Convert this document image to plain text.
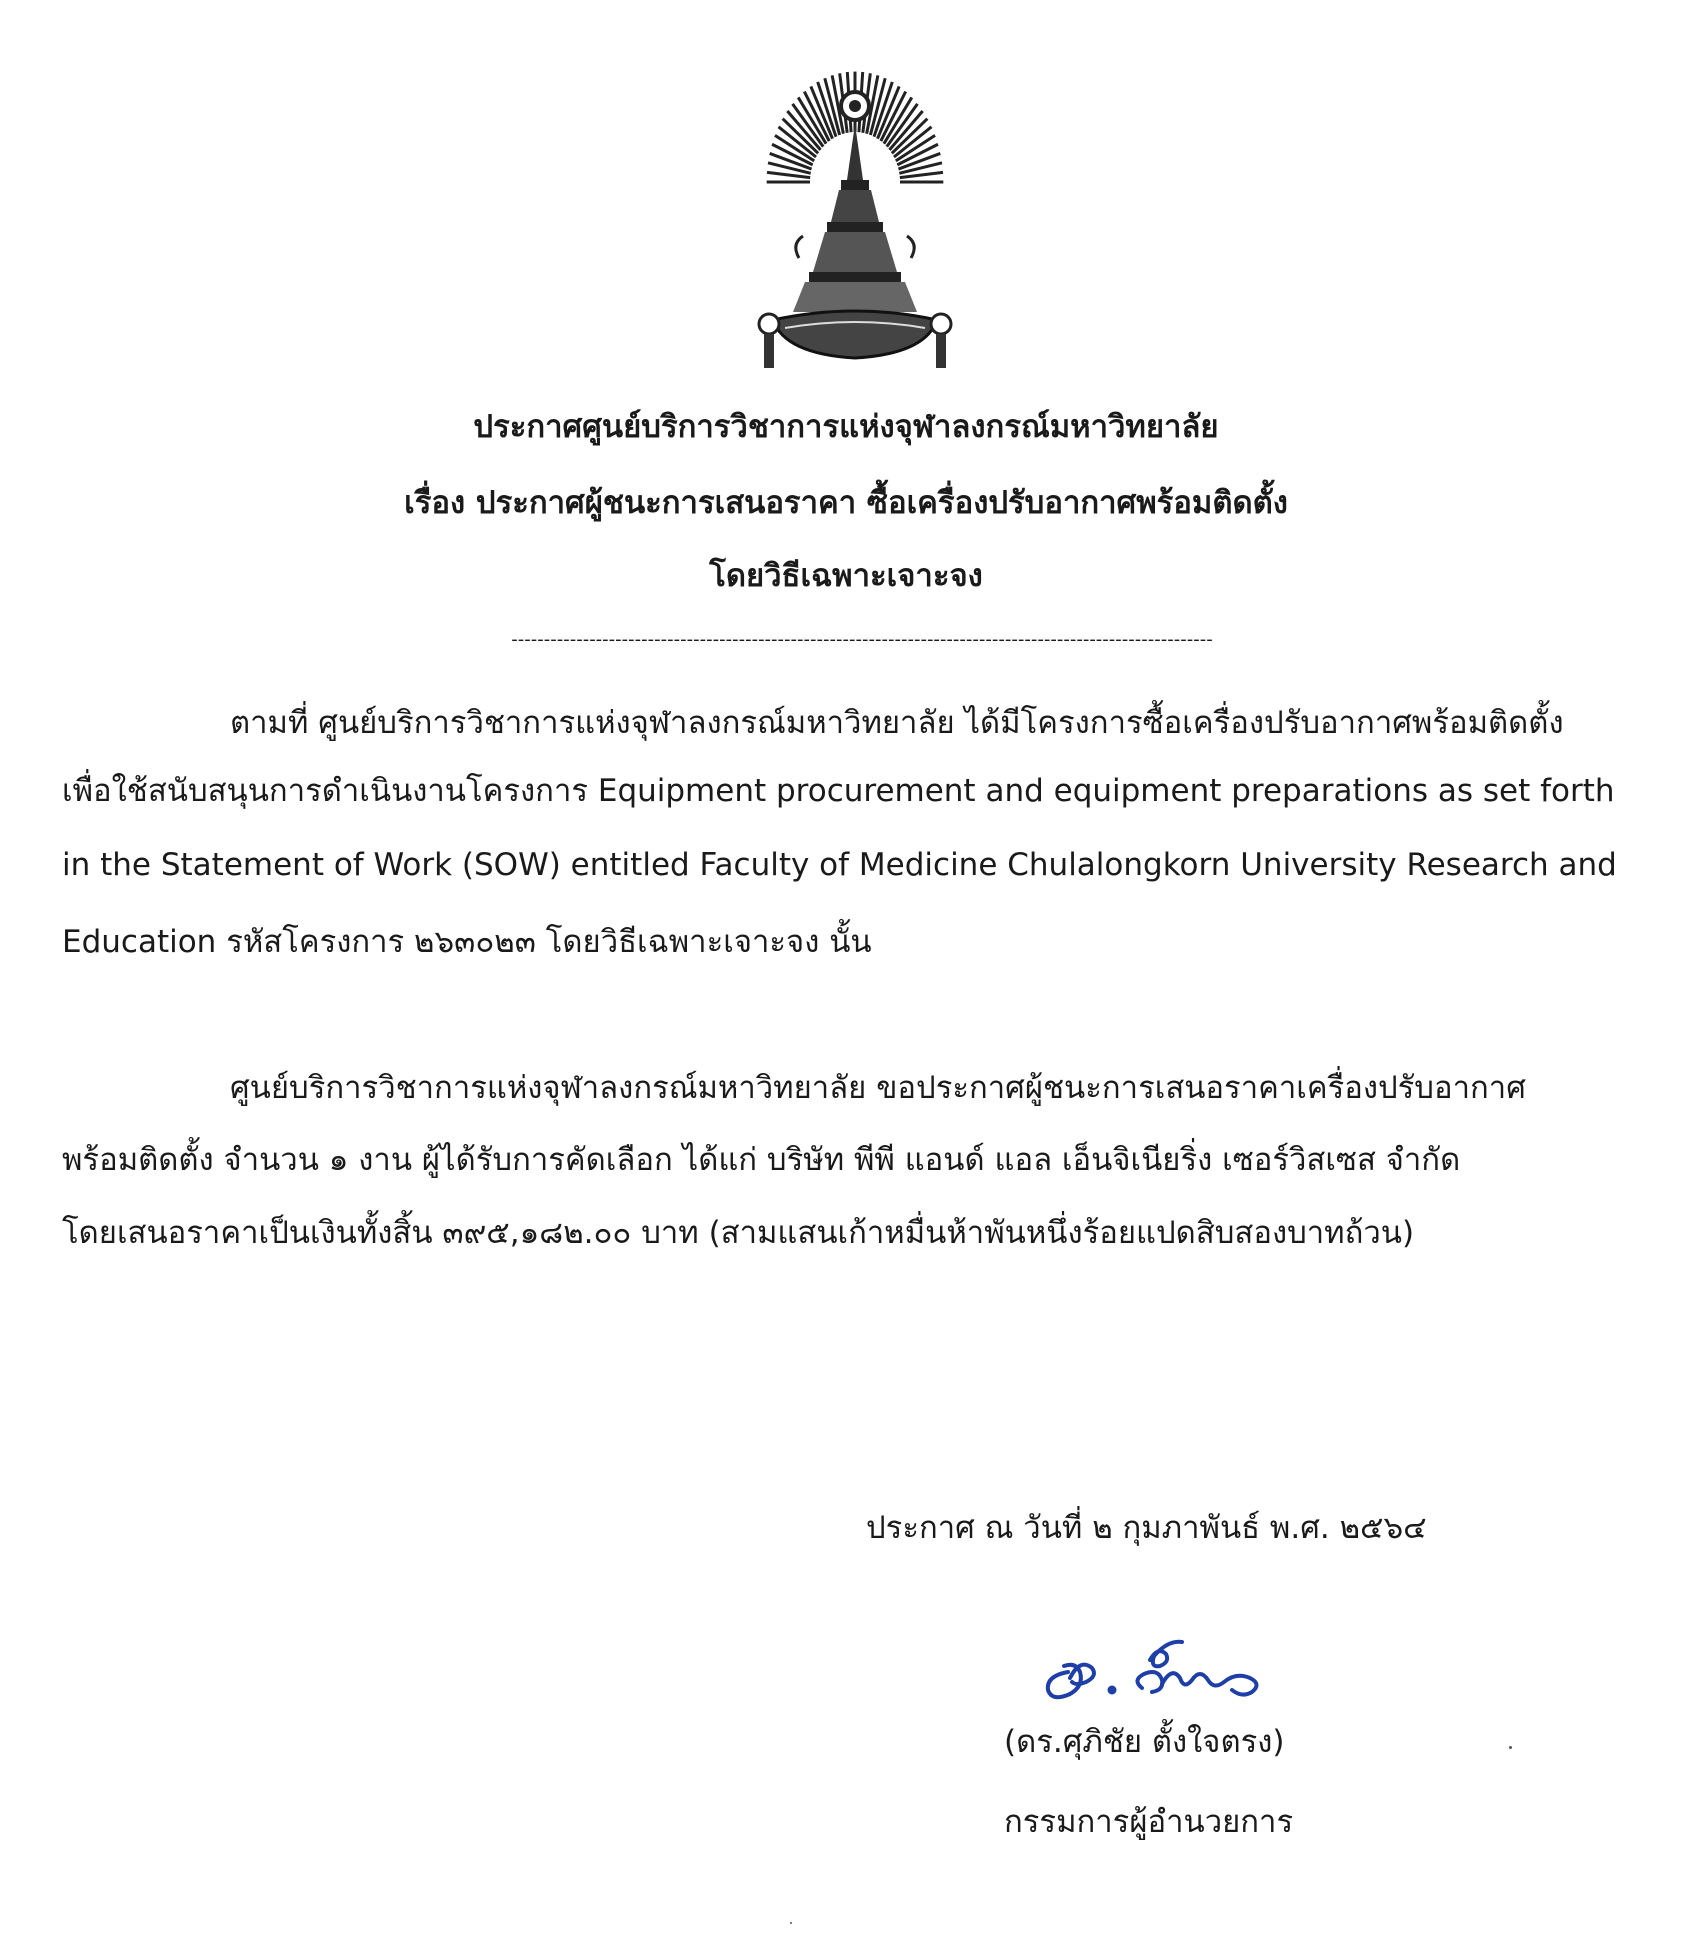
ประกาศศูนย์บริการวิชาการแห่งจุฬาลงกรณ์มหาวิทยาลัย
เรื่อง ประกาศผู้ชนะการเสนอราคา ซื้อเครื่องปรับอากาศพร้อมติดตั้ง
โดยวิธีเฉพาะเจาะจง
------------------------------------------------------------------------------------------------------------
ตามที่ ศูนย์บริการวิชาการแห่งจุฬาลงกรณ์มหาวิทยาลัย ได้มีโครงการซื้อเครื่องปรับอากาศพร้อมติดตั้ง
เพื่อใช้สนับสนุนการดำเนินงานโครงการ Equipment procurement and equipment preparations as set forth
in the Statement of Work (SOW) entitled Faculty of Medicine Chulalongkorn University Research and
Education รหัสโครงการ ๒๖๓๐๒๓ โดยวิธีเฉพาะเจาะจง นั้น
ศูนย์บริการวิชาการแห่งจุฬาลงกรณ์มหาวิทยาลัย ขอประกาศผู้ชนะการเสนอราคาเครื่องปรับอากาศ
พร้อมติดตั้ง จำนวน ๑ งาน ผู้ได้รับการคัดเลือก ได้แก่ บริษัท พีพี แอนด์ แอล เอ็นจิเนียริ่ง เซอร์วิสเซส จำกัด
โดยเสนอราคาเป็นเงินทั้งสิ้น ๓๙๕,๑๘๒.๐๐ บาท (สามแสนเก้าหมื่นห้าพันหนึ่งร้อยแปดสิบสองบาทถ้วน)
ประกาศ ณ วันที่ ๒ กุมภาพันธ์ พ.ศ. ๒๕๖๔
(ดร.ศุภิชัย ตั้งใจตรง)
กรรมการผู้อำนวยการ
